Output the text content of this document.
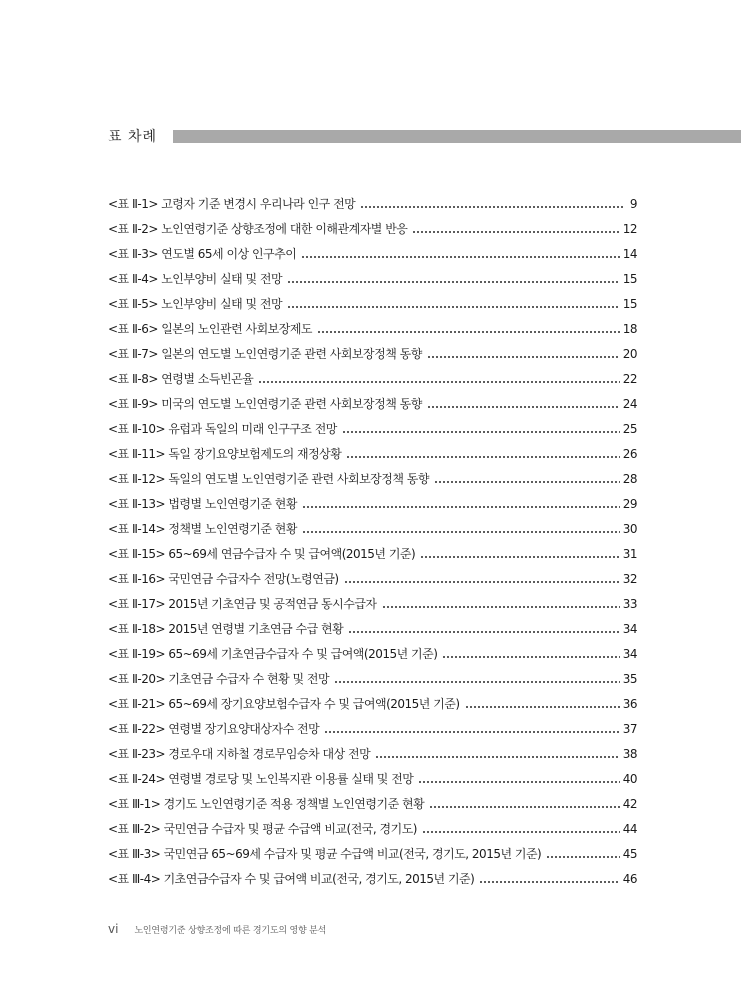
표 차례
<표 Ⅱ-1> 고령자 기준 변경시 우리나라 인구 전망	9
<표 Ⅱ-2> 노인연령기준 상향조정에 대한 이해관계자별 반응	12
<표 Ⅱ-3> 연도별 65세 이상 인구추이	14
<표 Ⅱ-4> 노인부양비 실태 및 전망	15
<표 Ⅱ-5> 노인부양비 실태 및 전망	15
<표 Ⅱ-6> 일본의 노인관련 사회보장제도	18
<표 Ⅱ-7> 일본의 연도별 노인연령기준 관련 사회보장정책 동향	20
<표 Ⅱ-8> 연령별 소득빈곤율	22
<표 Ⅱ-9> 미국의 연도별 노인연령기준 관련 사회보장정책 동향	24
<표 Ⅱ-10> 유럽과 독일의 미래 인구구조 전망	25
<표 Ⅱ-11> 독일 장기요양보험제도의 재정상황	26
<표 Ⅱ-12> 독일의 연도별 노인연령기준 관련 사회보장정책 동향	28
<표 Ⅱ-13> 법령별 노인연령기준 현황	29
<표 Ⅱ-14> 정책별 노인연령기준 현황	30
<표 Ⅱ-15> 65~69세 연금수급자 수 및 급여액(2015년 기준)	31
<표 Ⅱ-16> 국민연금 수급자수 전망(노령연금)	32
<표 Ⅱ-17> 2015년 기초연금 및 공적연금 동시수급자	33
<표 Ⅱ-18> 2015년 연령별 기초연금 수급 현황	34
<표 Ⅱ-19> 65~69세 기초연금수급자 수 및 급여액(2015년 기준)	34
<표 Ⅱ-20> 기초연금 수급자 수 현황 및 전망	35
<표 Ⅱ-21> 65~69세 장기요양보험수급자 수 및 급여액(2015년 기준)	36
<표 Ⅱ-22> 연령별 장기요양대상자수 전망	37
<표 Ⅱ-23> 경로우대 지하철 경로무임승차 대상 전망	38
<표 Ⅱ-24> 연령별 경로당 및 노인복지관 이용률 실태 및 전망	40
<표 Ⅲ-1> 경기도 노인연령기준 적용 정책별 노인연령기준 현황	42
<표 Ⅲ-2> 국민연금 수급자 및 평균 수급액 비교(전국, 경기도)	44
<표 Ⅲ-3> 국민연금 65~69세 수급자 및 평균 수급액 비교(전국, 경기도, 2015년 기준)	45
<표 Ⅲ-4> 기초연금수급자 수 및 급여액 비교(전국, 경기도, 2015년 기준)	46
vi 노인연령기준 상향조정에 따른 경기도의 영향 분석
